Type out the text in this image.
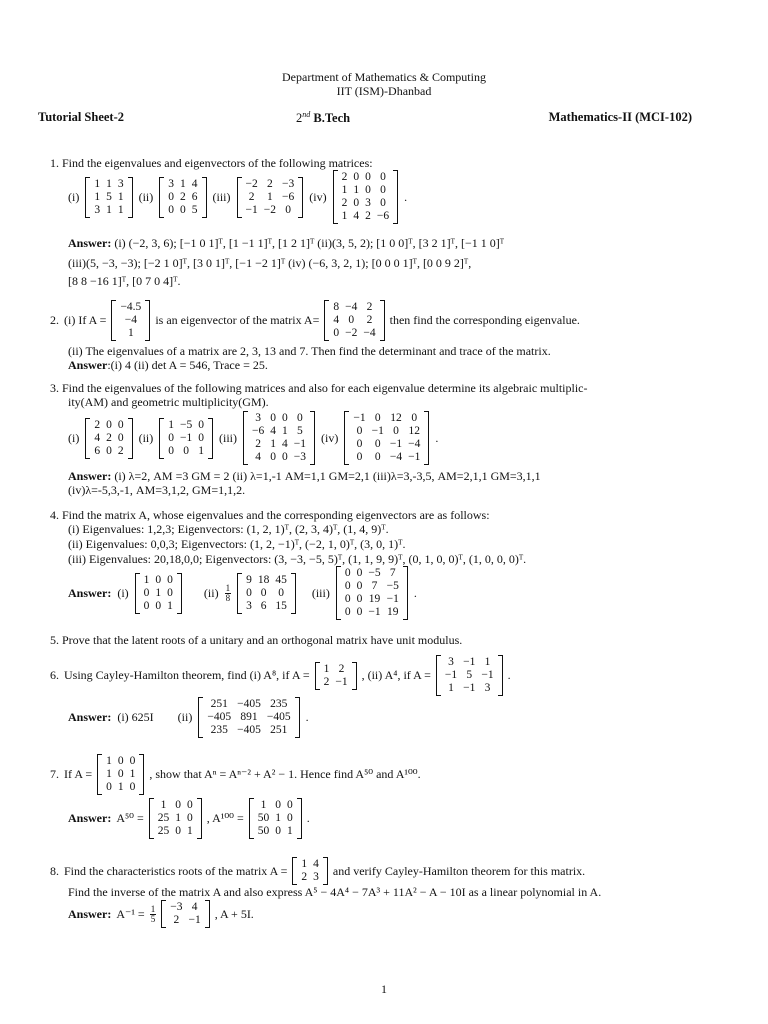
Department of Mathematics & Computing
IIT (ISM)-Dhanbad
Tutorial Sheet-2	2nd B.Tech	Mathematics-II (MCI-102)
1. Find the eigenvalues and eigenvectors of the following matrices:
(i)
1	1	3
1	5	1
3	1	1
(ii)
3	1	4
0	2	6
0	0	5
(iii)
−2	2	−3
2	1	−6
−1	−2	0
(iv)
2	0	0	0
1	1	0	0
2	0	3	0
1	4	2	−6
.
Answer: (i) (−2, 3, 6); [−1 0 1]ᵀ, [1 −1 1]ᵀ, [1 2 1]ᵀ (ii)(3, 5, 2); [1 0 0]ᵀ, [3 2 1]ᵀ, [−1 1 0]ᵀ
(iii)(5, −3, −3); [−2 1 0]ᵀ, [3 0 1]ᵀ, [−1 −2 1]ᵀ (iv) (−6, 3, 2, 1); [0 0 0 1]ᵀ, [0 0 9 2]ᵀ,
[8 8 −16 1]ᵀ, [0 7 0 4]ᵀ.
2. (i) If A =
−4.5
−4
1
is an eigenvector of the matrix A=
8	−4	2
4	0	2
0	−2	−4
then find the corresponding eigenvalue.
(ii) The eigenvalues of a matrix are 2, 3, 13 and 7. Then find the determinant and trace of the matrix.
Answer:(i) 4 (ii) det A = 546, Trace = 25.
3. Find the eigenvalues of the following matrices and also for each eigenvalue determine its algebraic multiplic-
ity(AM) and geometric multiplicity(GM).
(i)
2	0	0
4	2	0
6	0	2
(ii)
1	−5	0
0	−1	0
0	0	1
(iii)
3	0	0	0
−6	4	1	5
2	1	4	−1
4	0	0	−3
(iv)
−1	0	12	0
0	−1	0	12
0	0	−1	−4
0	0	−4	−1
.
Answer: (i) λ=2, AM =3 GM = 2 (ii) λ=1,-1 AM=1,1 GM=2,1 (iii)λ=3,-3,5, AM=2,1,1 GM=3,1,1
(iv)λ=-5,3,-1, AM=3,1,2, GM=1,1,2.
4. Find the matrix A, whose eigenvalues and the corresponding eigenvectors are as follows:
(i) Eigenvalues: 1,2,3; Eigenvectors: (1, 2, 1)ᵀ, (2, 3, 4)ᵀ, (1, 4, 9)ᵀ.
(ii) Eigenvalues: 0,0,3; Eigenvectors: (1, 2, −1)ᵀ, (−2, 1, 0)ᵀ, (3, 0, 1)ᵀ.
(iii) Eigenvalues: 20,18,0,0; Eigenvectors: (3, −3, −5, 5)ᵀ, (1, 1, 9, 9)ᵀ, (0, 1, 0, 0)ᵀ, (1, 0, 0, 0)ᵀ.
Answer: (i)
1	0	0
0	1	0
0	0	1
(ii) 1
8
9	18	45
0	0	0
3	6	15
(iii)
0	0	−5	7
0	0	7	−5
0	0	19	−1
0	0	−1	19
.
5. Prove that the latent roots of a unitary and an orthogonal matrix have unit modulus.
6. Using Cayley-Hamilton theorem, find (i) A⁸, if A = 1	2
2	−1 , (ii) A⁴, if A =
3	−1	1
−1	5	−1
1	−1	3
.
Answer: (i) 625I (ii)
251	−405	235
−405	891	−405
235	−405	251
.
7. If A =
1	0	0
1	0	1
0	1	0
, show that Aⁿ = Aⁿ⁻² + A² − 1. Hence find A⁵⁰ and A¹⁰⁰.
Answer: A⁵⁰ =
1	0	0
25	1	0
25	0	1
, A¹⁰⁰ =
1	0	0
50	1	0
50	0	1
.
8. Find the characteristics roots of the matrix A = 1	4
2	3 and verify Cayley-Hamilton theorem for this matrix.
Find the inverse of the matrix A and also express A⁵ − 4A⁴ − 7A³ + 11A² − A − 10I as a linear polynomial in A.
Answer: $A^{-1} = \frac{1}{5} -3$	4
2	−1 , A + 5I.
1
